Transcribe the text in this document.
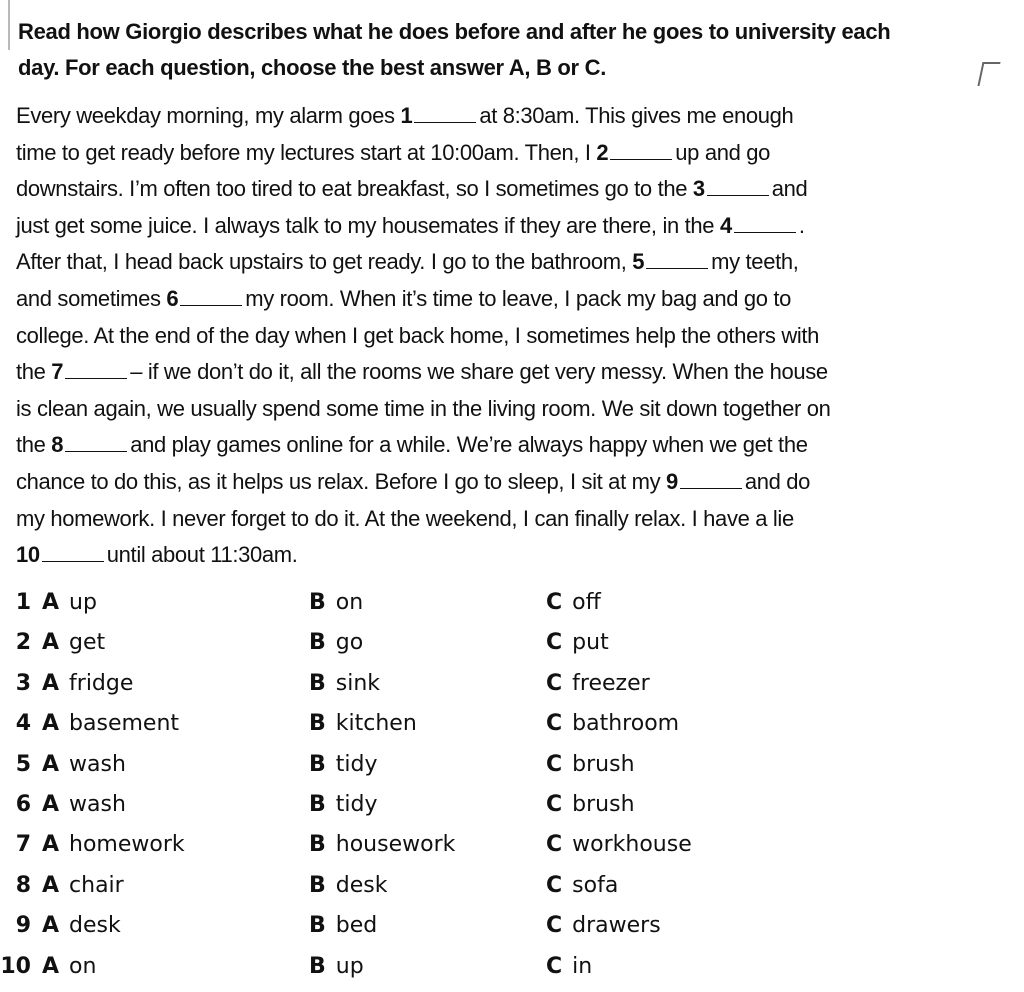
Read how Giorgio describes what he does before and after he goes to university each
day. For each question, choose the best answer A, B or C.
Every weekday morning, my alarm goes 1	at 8:30am. This gives me enough
time to get ready before my lectures start at 10:00am. Then, I 2	up and go
downstairs. I’m often too tired to eat breakfast, so I sometimes go to the 3	and
just get some juice. I always talk to my housemates if they are there, in the 4	.
After that, I head back upstairs to get ready. I go to the bathroom, 5	my teeth,
and sometimes 6	my room. When it’s time to leave, I pack my bag and go to
college. At the end of the day when I get back home, I sometimes help the others with
the 7	– if we don’t do it, all the rooms we share get very messy. When the house
is clean again, we usually spend some time in the living room. We sit down together on
the 8	and play games online for a while. We’re always happy when we get the
chance to do this, as it helps us relax. Before I go to sleep, I sit at my 9	and do
my homework. I never forget to do it. At the weekend, I can finally relax. I have a lie
10	until about 11:30am.
1 A up	B on	C off
2 A get	B go	C put
3 A fridge	B sink	C freezer
4 A basement	B kitchen	C bathroom
5 A wash	B tidy	C brush
6 A wash	B tidy	C brush
7 A homework	B housework	C workhouse
8 A chair	B desk	C sofa
9 A desk	B bed	C drawers
10 A on	B up	C in
